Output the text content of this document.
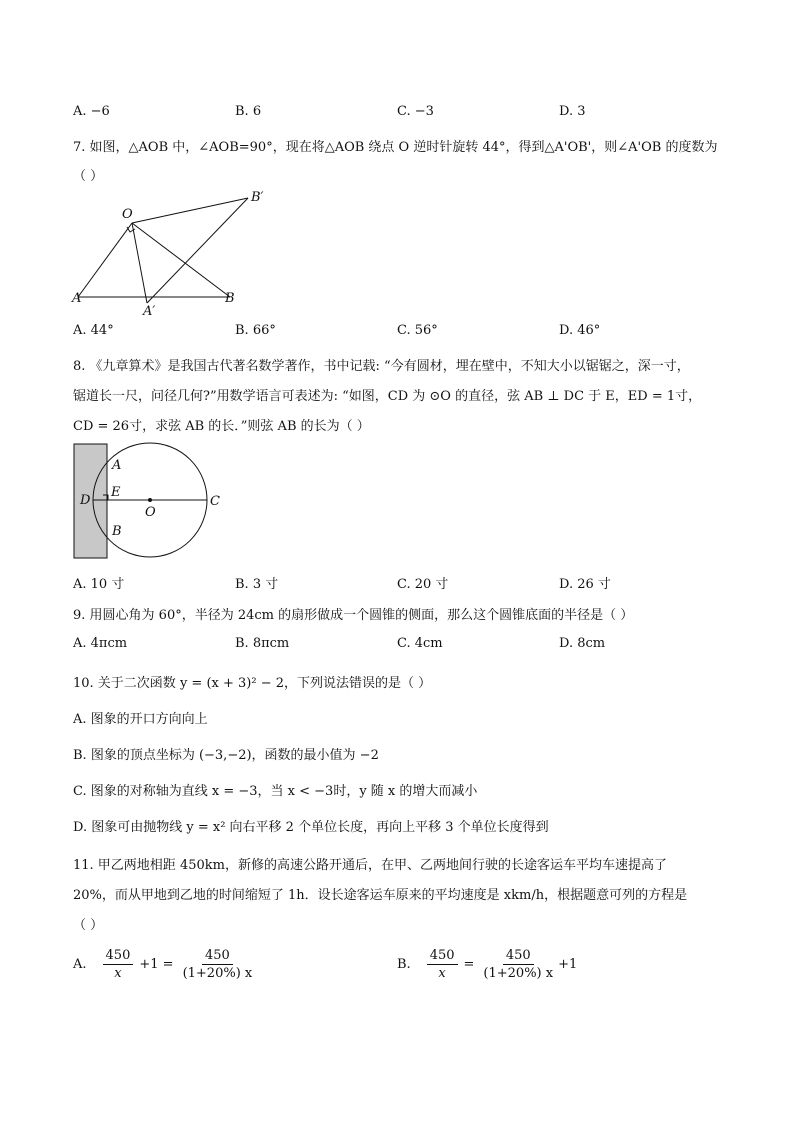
A. −6	B. 6	C. −3	D. 3
7. 如图，△AOB 中，∠AOB=90°，现在将△AOB 绕点 O 逆时针旋转 44°，得到△A'OB'，则∠A'OB 的度数为
（ ）
O
B′
A
A′
B
A. 44°	B. 66°	C. 56°	D. 46°
8. 《九章算术》是我国古代著名数学著作，书中记载: “今有圆材，埋在壁中，不知大小以锯锯之，深一寸，
锯道长一尺，问径几何?”用数学语言可表述为: “如图，CD 为 ⊙O 的直径，弦 AB ⊥ DC 于 E，ED = 1寸，
CD = 26寸，求弦 AB 的长．”则弦 AB 的长为（ ）
A
E
D
O
C
B
A. 10 寸	B. 3 寸	C. 20 寸	D. 26 寸
9. 用圆心角为 60°，半径为 24cm 的扇形做成一个圆锥的侧面，那么这个圆锥底面的半径是（ ）
A. 4πcm	B. 8πcm	C. 4cm	D. 8cm
10. 关于二次函数 y = (x + 3)² − 2，下列说法错误的是（ ）
A. 图象的开口方向向上
B. 图象的顶点坐标为 (−3,−2)，函数的最小值为 −2
C. 图象的对称轴为直线 x = −3，当 x < −3时，y 随 x 的增大而减小
D. 图象可由抛物线 y = x² 向右平移 2 个单位长度，再向上平移 3 个单位长度得到
11. 甲乙两地相距 450km，新修的高速公路开通后，在甲、乙两地间行驶的长途客运车平均车速提高了
20%，而从甲地到乙地的时间缩短了 1h．设长途客运车原来的平均速度是 xkm/h，根据题意可列的方程是
（ ）
A. $\frac{450}{x} +1 = \frac{450}{(1+20\%) x}$	B. $\frac{450}{x} = \frac{450}{(1+20\%) x} +1$
